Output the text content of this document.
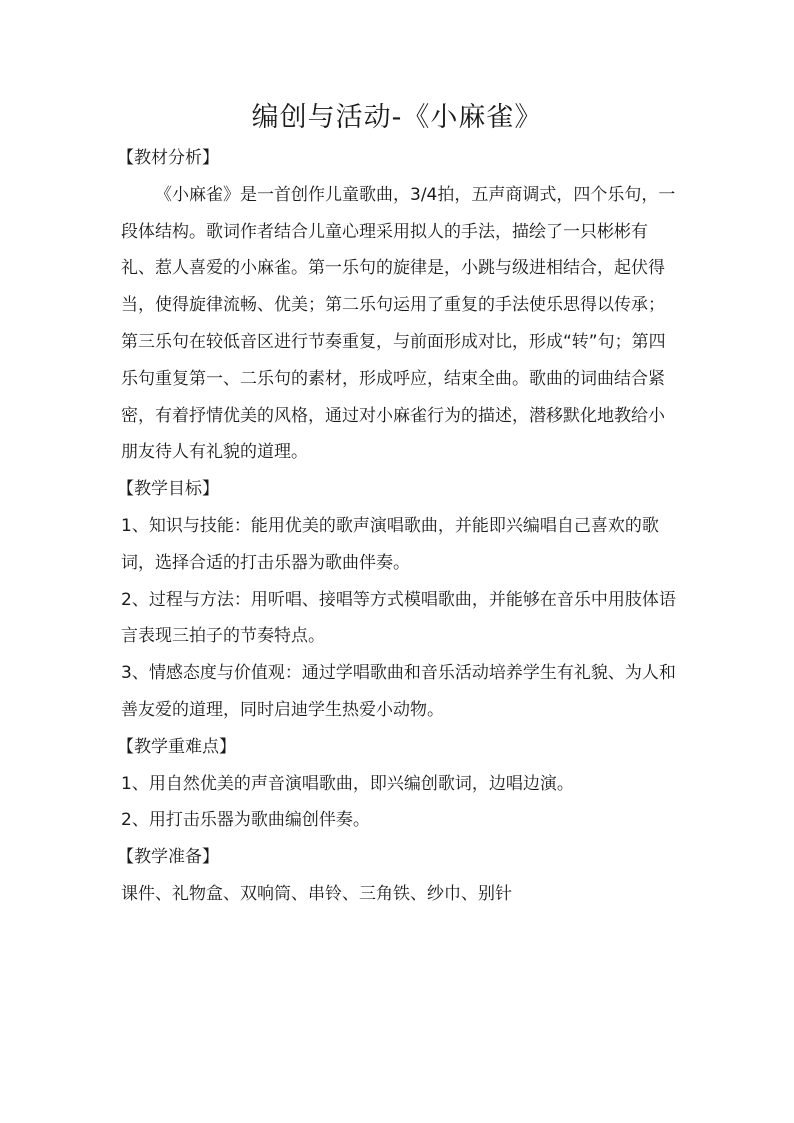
编创与活动-《小麻雀》

【教材分析】

《小麻雀》是一首创作儿童歌曲，3/4拍，五声商调式，四个乐句，一段体结构。歌词作者结合儿童心理采用拟人的手法，描绘了一只彬彬有礼、惹人喜爱的小麻雀。第一乐句的旋律是，小跳与级进相结合，起伏得当，使得旋律流畅、优美；第二乐句运用了重复的手法使乐思得以传承；第三乐句在较低音区进行节奏重复，与前面形成对比，形成“转”句；第四乐句重复第一、二乐句的素材，形成呼应，结束全曲。歌曲的词曲结合紧密，有着抒情优美的风格，通过对小麻雀行为的描述，潜移默化地教给小朋友待人有礼貌的道理。

【教学目标】

1、知识与技能：能用优美的歌声演唱歌曲，并能即兴编唱自己喜欢的歌词，选择合适的打击乐器为歌曲伴奏。

2、过程与方法：用听唱、接唱等方式模唱歌曲，并能够在音乐中用肢体语言表现三拍子的节奏特点。

3、情感态度与价值观：通过学唱歌曲和音乐活动培养学生有礼貌、为人和善友爱的道理，同时启迪学生热爱小动物。

【教学重难点】

1、用自然优美的声音演唱歌曲，即兴编创歌词，边唱边演。

2、用打击乐器为歌曲编创伴奏。

【教学准备】

课件、礼物盒、双响筒、串铃、三角铁、纱巾、别针
